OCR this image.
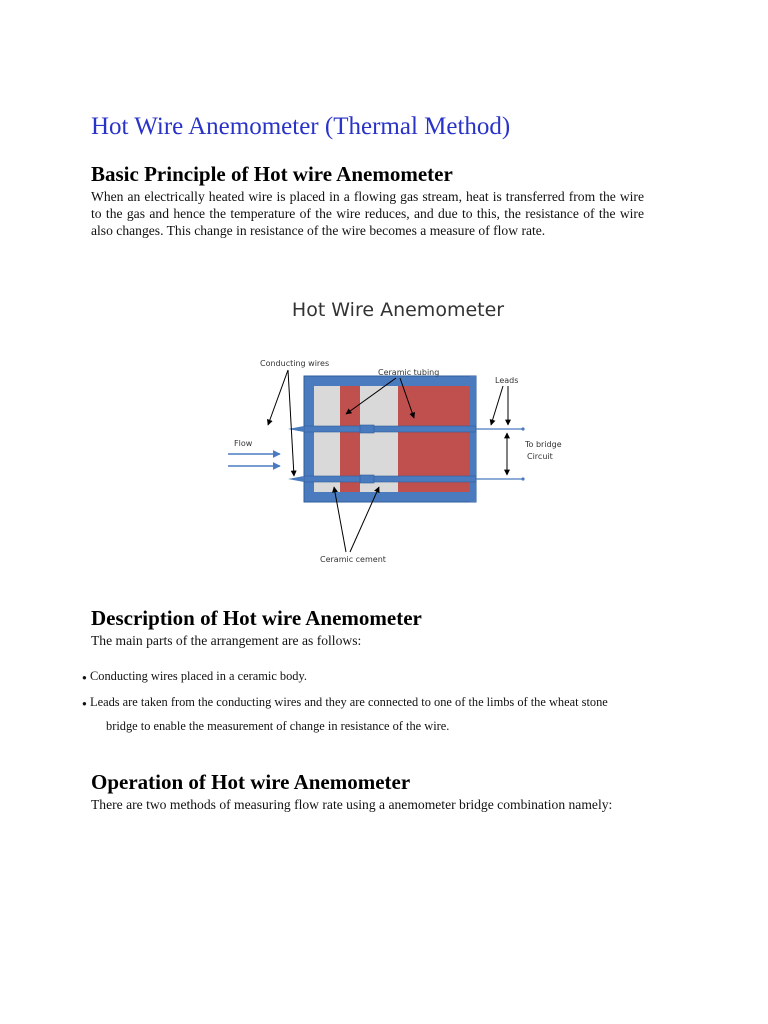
Hot Wire Anemometer (Thermal Method)
Basic Principle of Hot wire Anemometer

When an electrically heated wire is placed in a flowing gas stream, heat is transferred from the wire to the gas and hence the temperature of the wire reduces, and due to this, the resistance of the wire also changes. This change in resistance of the wire becomes a measure of flow rate.

Hot Wire Anemometer
Flow
Conducting wires
Ceramic tubing
Leads
To bridge
Circuit
Ceramic cement
Description of Hot wire Anemometer

The main parts of the arrangement are as follows:

● Conducting wires placed in a ceramic body.

● Leads are taken from the conducting wires and they are connected to one of the limbs of the wheat stone

bridge to enable the measurement of change in resistance of the wire.

Operation of Hot wire Anemometer

There are two methods of measuring flow rate using a anemometer bridge combination namely:
